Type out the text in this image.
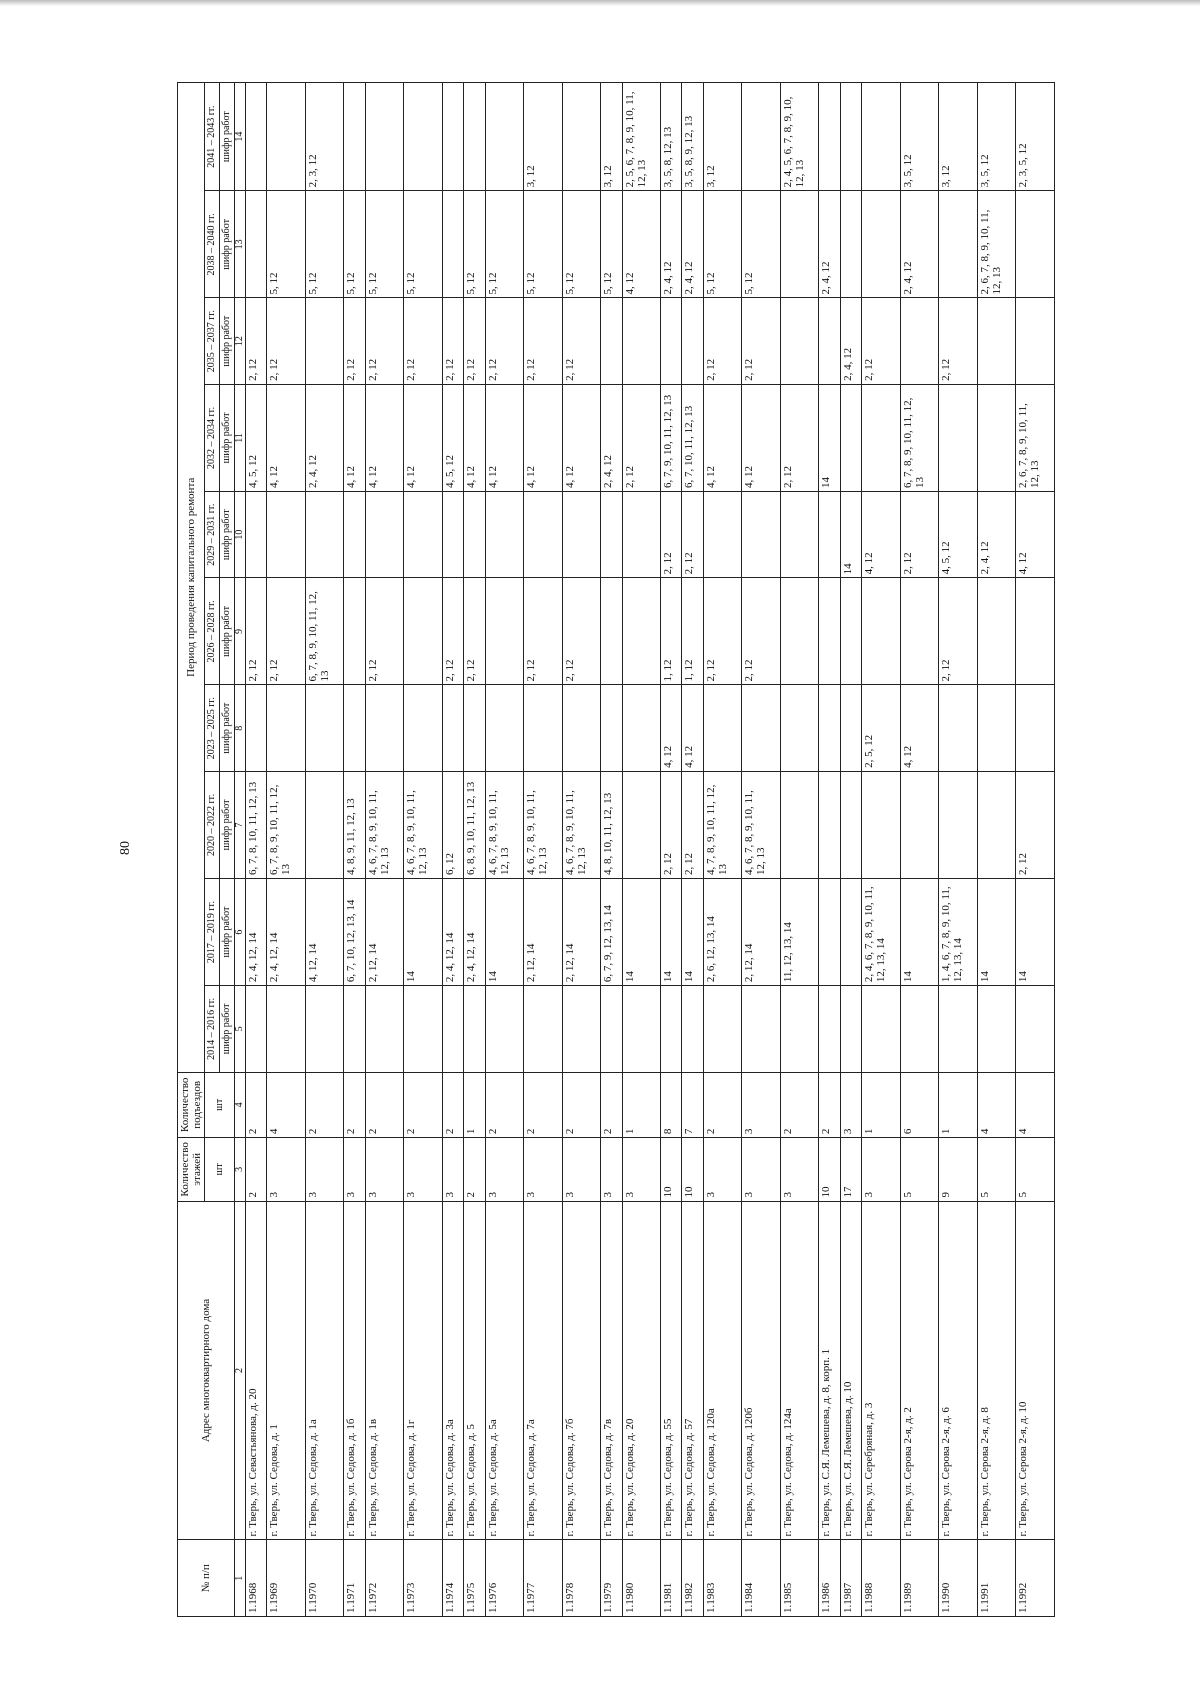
80
№ п/п	Адрес многоквартирного дома	Количество этажей	Количество подъездов	Период проведения капитального ремонта									
		шт	шт	2014 – 2016 гг.	2017 – 2019 гг.	2020 – 2022 гг.	2023 – 2025 гг.	2026 – 2028 гг.	2029 – 2031 гг.	2032 – 2034 гг.	2035 – 2037 гг.	2038 – 2040 гг.	2041 – 2043 гг.
				шифр работ	шифр работ	шифр работ	шифр работ	шифр работ	шифр работ	шифр работ	шифр работ	шифр работ	шифр работ
1	2	3	4	5	6	7	8	9	10	11	12	13	14
1.1968	г. Тверь, ул. Севастьянова, д. 20	2	2		2, 4, 12, 14	6, 7, 8, 10, 11, 12, 13		2, 12		4, 5, 12	2, 12		
1.1969	г. Тверь, ул. Седова, д. 1	3	4		2, 4, 12, 14	6, 7, 8, 9, 10, 11, 12, 13		2, 12		4, 12	2, 12	5, 12	
1.1970	г. Тверь, ул. Седова, д. 1а	3	2		4, 12, 14			6, 7, 8, 9, 10, 11, 12, 13		2, 4, 12		5, 12	2, 3, 12
1.1971	г. Тверь, ул. Седова, д. 1б	3	2		6, 7, 10, 12, 13, 14	4, 8, 9, 11, 12, 13				4, 12	2, 12	5, 12	
1.1972	г. Тверь, ул. Седова, д. 1в	3	2		2, 12, 14	4, 6, 7, 8, 9, 10, 11, 12, 13		2, 12		4, 12	2, 12	5, 12	
1.1973	г. Тверь, ул. Седова, д. 1г	3	2		14	4, 6, 7, 8, 9, 10, 11, 12, 13				4, 12	2, 12	5, 12	
1.1974	г. Тверь, ул. Седова, д. 3а	3	2		2, 4, 12, 14	6, 12		2, 12		4, 5, 12	2, 12		
1.1975	г. Тверь, ул. Седова, д. 5	2	1		2, 4, 12, 14	6, 8, 9, 10, 11, 12, 13		2, 12		4, 12	2, 12	5, 12	
1.1976	г. Тверь, ул. Седова, д. 5а	3	2		14	4, 6, 7, 8, 9, 10, 11, 12, 13				4, 12	2, 12	5, 12	
1.1977	г. Тверь, ул. Седова, д. 7а	3	2		2, 12, 14	4, 6, 7, 8, 9, 10, 11, 12, 13		2, 12		4, 12	2, 12	5, 12	3, 12
1.1978	г. Тверь, ул. Седова, д. 7б	3	2		2, 12, 14	4, 6, 7, 8, 9, 10, 11, 12, 13		2, 12		4, 12	2, 12	5, 12	
1.1979	г. Тверь, ул. Седова, д. 7в	3	2		6, 7, 9, 12, 13, 14	4, 8, 10, 11, 12, 13				2, 4, 12		5, 12	3, 12
1.1980	г. Тверь, ул. Седова, д. 20	3	1		14					2, 12		4, 12	2, 5, 6, 7, 8, 9, 10, 11, 12, 13
1.1981	г. Тверь, ул. Седова, д. 55	10	8		14	2, 12	4, 12	1, 12	2, 12	6, 7, 9, 10, 11, 12, 13		2, 4, 12	3, 5, 8, 12, 13
1.1982	г. Тверь, ул. Седова, д. 57	10	7		14	2, 12	4, 12	1, 12	2, 12	6, 7, 10, 11, 12, 13		2, 4, 12	3, 5, 8, 9, 12, 13
1.1983	г. Тверь, ул. Седова, д. 120а	3	2		2, 6, 12, 13, 14	4, 7, 8, 9, 10, 11, 12, 13		2, 12		4, 12	2, 12	5, 12	3, 12
1.1984	г. Тверь, ул. Седова, д. 120б	3	3		2, 12, 14	4, 6, 7, 8, 9, 10, 11, 12, 13		2, 12		4, 12	2, 12	5, 12	
1.1985	г. Тверь, ул. Седова, д. 124а	3	2		11, 12, 13, 14					2, 12			2, 4, 5, 6, 7, 8, 9, 10, 12, 13
1.1986	г. Тверь, ул. С.Я. Лемешева, д. 8, корп. 1	10	2							14		2, 4, 12	
1.1987	г. Тверь, ул. С.Я. Лемешева, д. 10	17	3						14		2, 4, 12		
1.1988	г. Тверь, ул. Серебряная, д. 3	3	1		2, 4, 6, 7, 8, 9, 10, 11, 12, 13, 14		2, 5, 12		4, 12		2, 12		
1.1989	г. Тверь, ул. Серова 2-я, д. 2	5	6		14		4, 12		2, 12	6, 7, 8, 9, 10, 11, 12, 13		2, 4, 12	3, 5, 12
1.1990	г. Тверь, ул. Серова 2-я, д. 6	9	1		1, 4, 6, 7, 8, 9, 10, 11, 12, 13, 14			2, 12	4, 5, 12		2, 12		3, 12
1.1991	г. Тверь, ул. Серова 2-я, д. 8	5	4		14				2, 4, 12			2, 6, 7, 8, 9, 10, 11, 12, 13	3, 5, 12
1.1992	г. Тверь, ул. Серова 2-я, д. 10	5	4		14	2, 12			4, 12	2, 6, 7, 8, 9, 10, 11, 12, 13			2, 3, 5, 12
